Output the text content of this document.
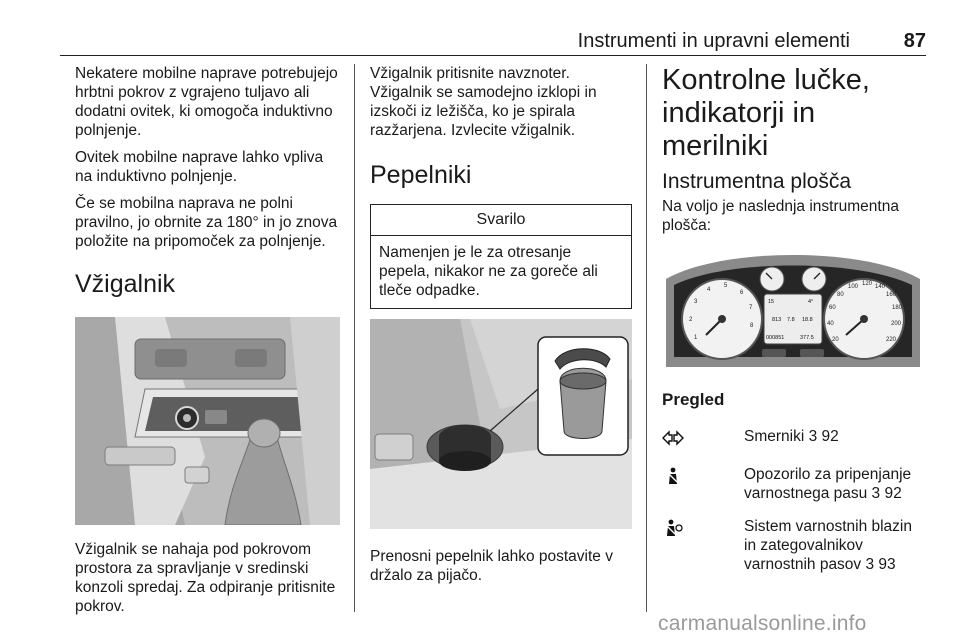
Instrumenti in upravni elementi	87

Nekatere mobilne naprave potrebujejo hrbtni pokrov z vgrajeno tuljavo ali dodatni ovitek, ki omogoča induktivno polnjenje.

Ovitek mobilne naprave lahko vpliva na induktivno polnjenje.

Če se mobilna naprava ne polni pravilno, jo obrnite za 180° in jo znova položite na pripomoček za polnjenje.

Vžigalnik

Vžigalnik se nahaja pod pokrovom prostora za spravljanje v sredinski konzoli spredaj. Za odpiranje pritisnite pokrov.

Vžigalnik pritisnite navznoter. Vžigalnik se samodejno izklopi in izskoči iz ležišča, ko je spirala razžarjena. Izvlecite vžigalnik.

Pepelniki
Svarilo
Namenjen je le za otresanje pepela, nikakor ne za goreče ali tleče odpadke.

Prenosni pepelnik lahko postavite v držalo za pijačo.

Kontrolne lučke, indikatorji in merilniki
Instrumentna plošča

Na voljo je naslednja instrumentna plošča:

1
2
3
4
5
6
7
8
20
40
60
80
100 120 140
160
180
200
220
15	4°
813 7.8 18.8
000851	377.5
Pregled
Smerniki 3 92
Opozorilo za pripenjanje varnostnega pasu 3 92
Sistem varnostnih blazin in zategovalnikov varnostnih pasov 3 93
carmanualsonline.info
